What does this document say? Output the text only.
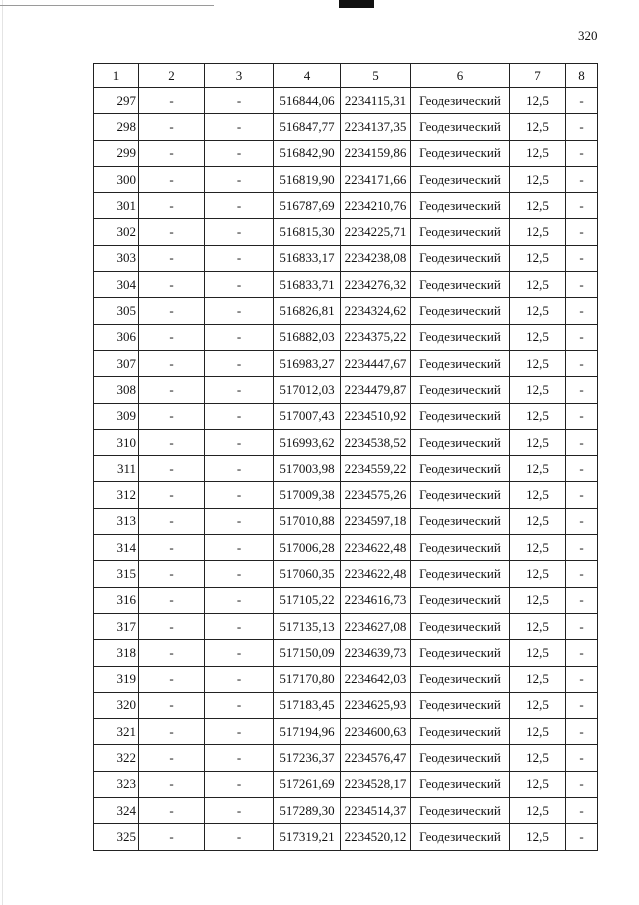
320
1	2	3	4	5	6	7	8
297	-	-	516844,06	2234115,31	Геодезический	12,5	-
298	-	-	516847,77	2234137,35	Геодезический	12,5	-
299	-	-	516842,90	2234159,86	Геодезический	12,5	-
300	-	-	516819,90	2234171,66	Геодезический	12,5	-
301	-	-	516787,69	2234210,76	Геодезический	12,5	-
302	-	-	516815,30	2234225,71	Геодезический	12,5	-
303	-	-	516833,17	2234238,08	Геодезический	12,5	-
304	-	-	516833,71	2234276,32	Геодезический	12,5	-
305	-	-	516826,81	2234324,62	Геодезический	12,5	-
306	-	-	516882,03	2234375,22	Геодезический	12,5	-
307	-	-	516983,27	2234447,67	Геодезический	12,5	-
308	-	-	517012,03	2234479,87	Геодезический	12,5	-
309	-	-	517007,43	2234510,92	Геодезический	12,5	-
310	-	-	516993,62	2234538,52	Геодезический	12,5	-
311	-	-	517003,98	2234559,22	Геодезический	12,5	-
312	-	-	517009,38	2234575,26	Геодезический	12,5	-
313	-	-	517010,88	2234597,18	Геодезический	12,5	-
314	-	-	517006,28	2234622,48	Геодезический	12,5	-
315	-	-	517060,35	2234622,48	Геодезический	12,5	-
316	-	-	517105,22	2234616,73	Геодезический	12,5	-
317	-	-	517135,13	2234627,08	Геодезический	12,5	-
318	-	-	517150,09	2234639,73	Геодезический	12,5	-
319	-	-	517170,80	2234642,03	Геодезический	12,5	-
320	-	-	517183,45	2234625,93	Геодезический	12,5	-
321	-	-	517194,96	2234600,63	Геодезический	12,5	-
322	-	-	517236,37	2234576,47	Геодезический	12,5	-
323	-	-	517261,69	2234528,17	Геодезический	12,5	-
324	-	-	517289,30	2234514,37	Геодезический	12,5	-
325	-	-	517319,21	2234520,12	Геодезический	12,5	-
